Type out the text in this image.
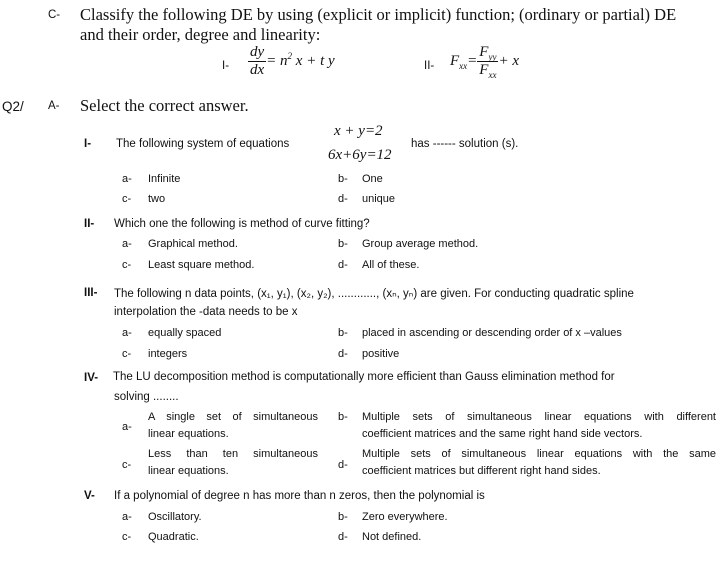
C- Classify the following DE by using (explicit or implicit) function; (ordinary or partial) DE
and their order, degree and linearity:
$I- \frac{dy}{dx} = n^2$ x + t y	II- $F_{xx}= \frac{F_{yy}}{F_{xx}} + x$
Q2/ A- Select the correct answer.
I- The following system of equations
x + y=2
6x+6y=12
has ------ solution (s).
a- Infinite	b- One
c- two	d- unique
II- Which one the following is method of curve fitting?
a- Graphical method.	b- Group average method.
c- Least square method.	d- All of these.
III- The following n data points, (x₁, y₁), (x₂, y₂), ............, (xₙ, yₙ) are given. For conducting quadratic spline
interpolation the -data needs to be x
a- equally spaced	b- placed in ascending or descending order of x –values
c- integers	d- positive
IV- The LU decomposition method is computationally more efficient than Gauss elimination method for
solving ........
a-
A single set of simultaneous
linear equations.
b- Multiple sets of simultaneous linear equations with different
coefficient matrices and the same right hand side vectors.
c-
Less than ten simultaneous
linear equations.	d-
Multiple sets of simultaneous linear equations with the same
coefficient matrices but different right hand sides.
V- If a polynomial of degree n has more than n zeros, then the polynomial is
a- Oscillatory.	b- Zero everywhere.
c- Quadratic.	d- Not defined.
